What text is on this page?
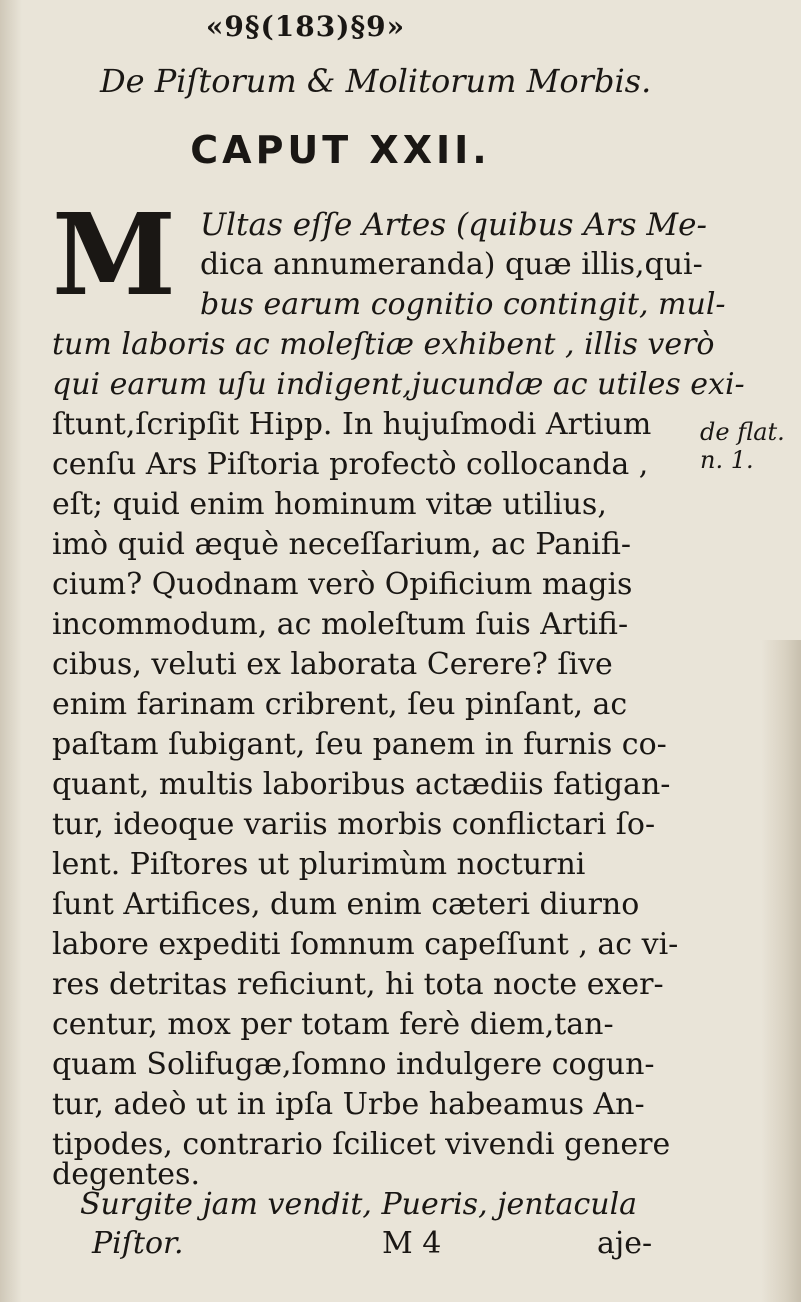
«9§(183)§9»
De Piſtorum & Molitorum Morbis.
CAPUT XXII.
M Ultas eſſe Artes (quibus Ars Me-
dica annumeranda) quæ illis,qui-
bus earum cognitio contingit, mul-
tum laboris ac moleſtiæ exhibent , illis verò
qui earum uſu indigent,jucundæ ac utiles exi-
ſtunt,ſcripſit Hipp. In hujuſmodi Artium
cenſu Ars Piſtoria profectò collocanda ,
eſt; quid enim hominum vitæ utilius,
imò quid æquè neceſſarium, ac Panifi-
cium? Quodnam verò Opificium magis
incommodum, ac moleſtum ſuis Artifi-
cibus, veluti ex laborata Cerere? ſive
enim farinam cribrent, ſeu pinſant, ac
paſtam ſubigant, ſeu panem in furnis co-
quant, multis laboribus actædiis fatigan-
tur, ideoque variis morbis conflictari ſo-
lent. Piſtores ut plurimùm nocturni
ſunt Artifices, dum enim cæteri diurno
labore expediti ſomnum capeſſunt , ac vi-
res detritas reficiunt, hi tota nocte exer-
centur, mox per totam ferè diem,tan-
quam Solifugæ,ſomno indulgere cogun-
tur, adeò ut in ipſa Urbe habeamus An-
tipodes, contrario ſcilicet vivendi genere
degentes.
Surgite jam vendit, Pueris, jentacula
de flat.
n. 1.
Piſtor.	M 4	aje-
